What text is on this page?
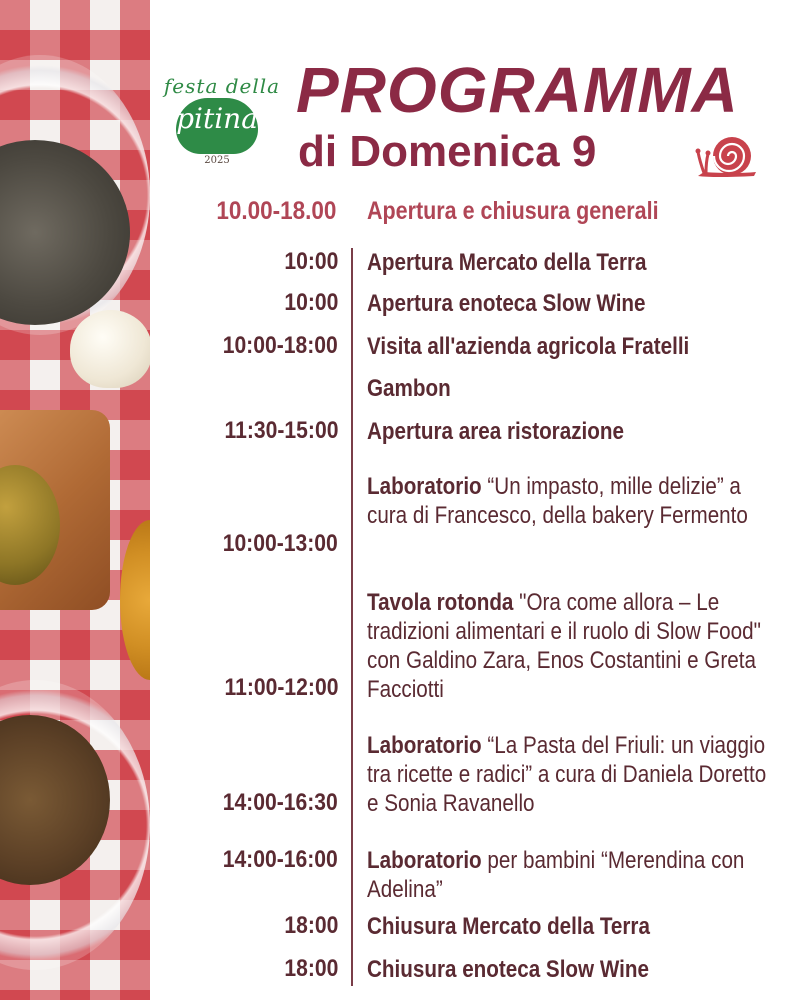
festa della
pitina
2025
PROGRAMMA
di Domenica 9
10.00-18.00 Apertura e chiusura generali
10:00 Apertura Mercato della Terra
10:00 Apertura enoteca Slow Wine
10:00-18:00 Visita all'azienda agricola Fratelli
Gambon
11:30-15:00 Apertura area ristorazione
10:00-13:00
Laboratorio “Un impasto, mille delizie” a cura di Francesco, della bakery Fermento
11:00-12:00
Tavola rotonda "Ora come allora – Le tradizioni alimentari e il ruolo di Slow Food" con Galdino Zara, Enos Costantini e Greta Facciotti
14:00-16:30
Laboratorio “La Pasta del Friuli: un viaggio tra ricette e radici” a cura di Daniela Doretto e Sonia Ravanello
14:00-16:00 Laboratorio per bambini “Merendina con Adelina”
18:00 Chiusura Mercato della Terra
18:00 Chiusura enoteca Slow Wine
